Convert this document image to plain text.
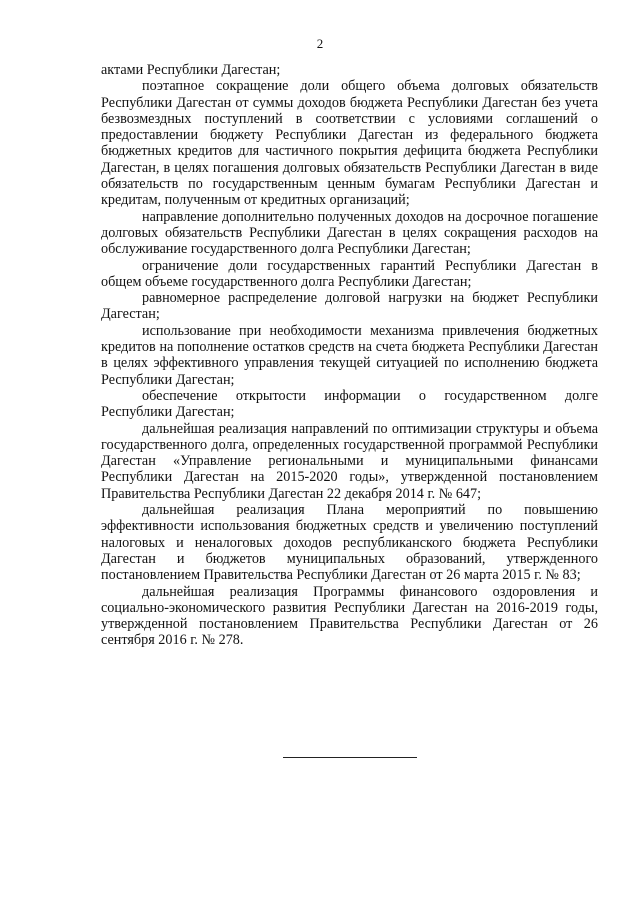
2

актами Республики Дагестан;

поэтапное сокращение доли общего объема долговых обязательств Республики Дагестан от суммы доходов бюджета Республики Дагестан без учета безвозмездных поступлений в соответствии с условиями соглашений о предоставлении бюджету Республики Дагестан из федерального бюджета бюджетных кредитов для частичного покрытия дефицита бюджета Республики Дагестан, в целях погашения долговых обязательств Республики Дагестан в виде обязательств по государственным ценным бумагам Республики Дагестан и кредитам, полученным от кредитных организаций;

направление дополнительно полученных доходов на досрочное погашение долговых обязательств Республики Дагестан в целях сокращения расходов на обслуживание государственного долга Республики Дагестан;

ограничение доли государственных гарантий Республики Дагестан в общем объеме государственного долга Республики Дагестан;

равномерное распределение долговой нагрузки на бюджет Республики Дагестан;

использование при необходимости механизма привлечения бюджетных кредитов на пополнение остатков средств на счета бюджета Республики Дагестан в целях эффективного управления текущей ситуацией по исполнению бюджета Республики Дагестан;

обеспечение открытости информации о государственном долге Республики Дагестан;

дальнейшая реализация направлений по оптимизации структуры и объема государственного долга, определенных государственной программой Республики Дагестан «Управление региональными и муниципальными финансами Республики Дагестан на 2015-2020 годы», утвержденной постановлением Правительства Республики Дагестан 22 декабря 2014 г. № 647;

дальнейшая реализация Плана мероприятий по повышению эффективности использования бюджетных средств и увеличению поступлений налоговых и неналоговых доходов республиканского бюджета Республики Дагестан и бюджетов муниципальных образований, утвержденного постановлением Правительства Республики Дагестан от 26 марта 2015 г. № 83;

дальнейшая реализация Программы финансового оздоровления и социально-экономического развития Республики Дагестан на 2016-2019 годы, утвержденной постановлением Правительства Республики Дагестан от 26 сентября 2016 г. № 278.
